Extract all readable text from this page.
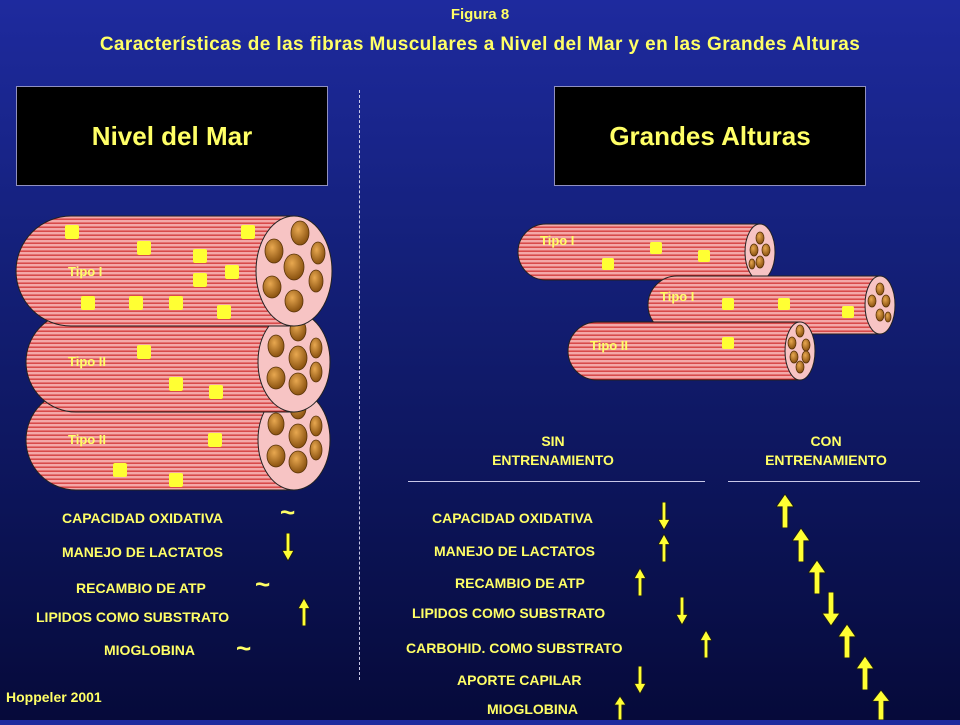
Figura 8
Características de las fibras Musculares a Nivel del Mar y en las Grandes Alturas
Nivel del Mar	Grandes Alturas
Tipo I
Tipo II
Tipo II
Tipo I
Tipo I
Tipo II
CAPACIDAD OXIDATIVA ~
MANEJO DE LACTATOS
RECAMBIO DE ATP ~
LIPIDOS COMO SUBSTRATO
MIOGLOBINA ~
SIN
ENTRENAMIENTO
CON
ENTRENAMIENTO
CAPACIDAD OXIDATIVA
MANEJO DE LACTATOS
RECAMBIO DE ATP
LIPIDOS COMO SUBSTRATO
CARBOHID. COMO SUBSTRATO
APORTE CAPILAR
MIOGLOBINA
Hoppeler 2001
